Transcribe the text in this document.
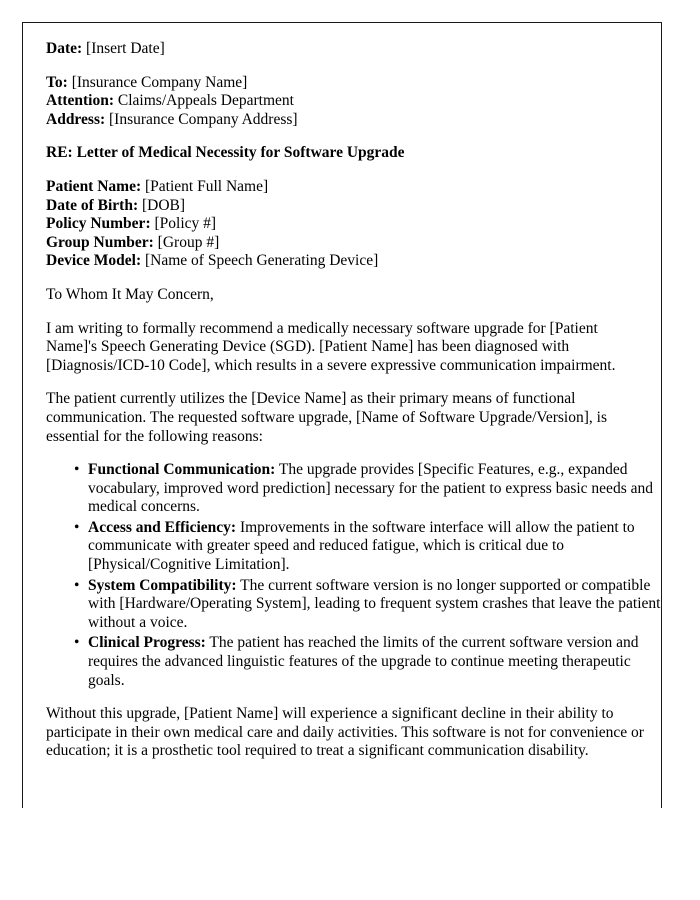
Date: [Insert Date]
To: [Insurance Company Name]
Attention: Claims/Appeals Department
Address: [Insurance Company Address]
RE: Letter of Medical Necessity for Software Upgrade
Patient Name: [Patient Full Name]
Date of Birth: [DOB]
Policy Number: [Policy #]
Group Number: [Group #]
Device Model: [Name of Speech Generating Device]
To Whom It May Concern,

I am writing to formally recommend a medically necessary software upgrade for [Patient Name]'s Speech Generating Device (SGD). [Patient Name] has been diagnosed with [Diagnosis/ICD-10 Code], which results in a severe expressive communication impairment.

The patient currently utilizes the [Device Name] as their primary means of functional communication. The requested software upgrade, [Name of Software Upgrade/Version], is essential for the following reasons:

• Functional Communication: The upgrade provides [Specific Features, e.g., expanded vocabulary, improved word prediction] necessary for the patient to express basic needs and medical concerns.
• Access and Efficiency: Improvements in the software interface will allow the patient to communicate with greater speed and reduced fatigue, which is critical due to [Physical/Cognitive Limitation].
• System Compatibility: The current software version is no longer supported or compatible with [Hardware/Operating System], leading to frequent system crashes that leave the patient without a voice.
• Clinical Progress: The patient has reached the limits of the current software version and requires the advanced linguistic features of the upgrade to continue meeting therapeutic goals.

Without this upgrade, [Patient Name] will experience a significant decline in their ability to participate in their own medical care and daily activities. This software is not for convenience or education; it is a prosthetic tool required to treat a significant communication disability.
